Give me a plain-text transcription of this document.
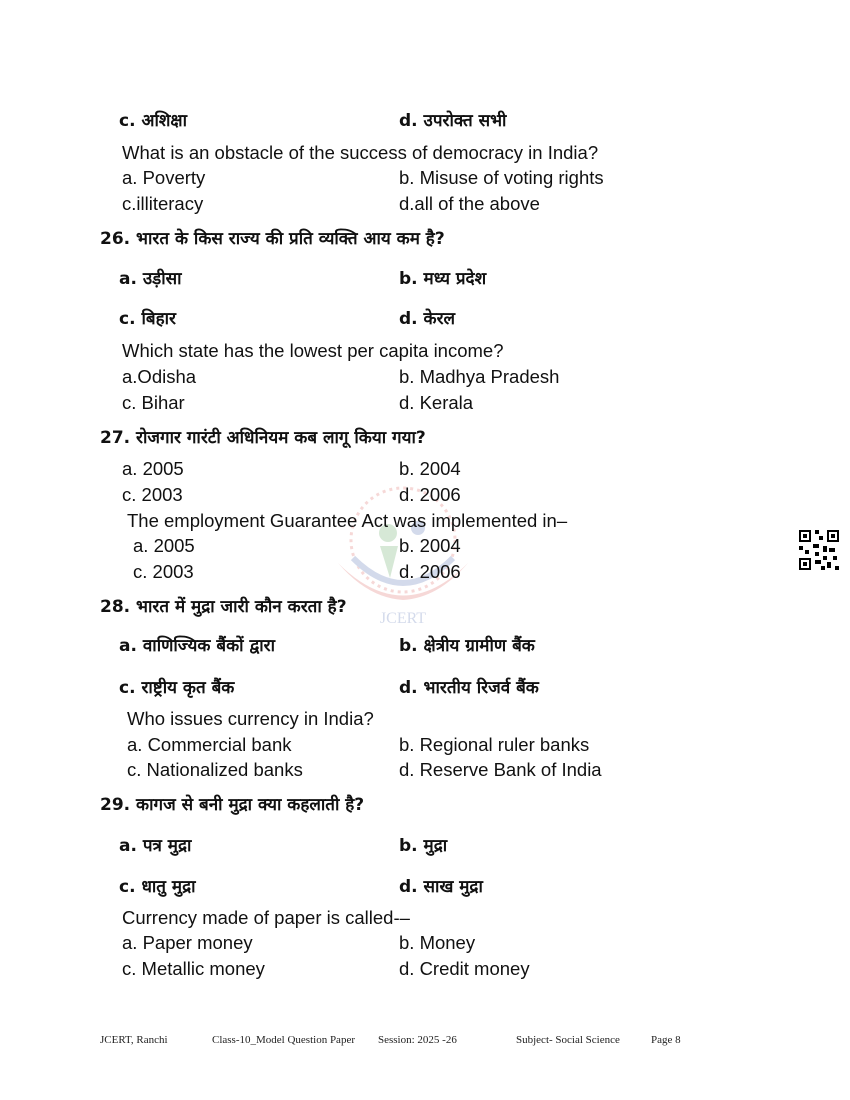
JCERT
c. अशिक्षा	d. उपरोक्त सभी
What is an obstacle of the success of democracy in India?
a. Poverty	b. Misuse of voting rights
c.illiteracy	d.all of the above
26. भारत के किस राज्य की प्रति व्यक्ति आय कम है?
a. उड़ीसा	b. मध्य प्रदेश
c. बिहार	d. केरल
Which state has the lowest per capita income?
a.Odisha	b. Madhya Pradesh
c. Bihar	d. Kerala
27. रोजगार गारंटी अधिनियम कब लागू किया गया?
a. 2005	b. 2004
c. 2003	d. 2006
The employment Guarantee Act was implemented in–
a. 2005	b. 2004
c. 2003	d. 2006
28. भारत में मुद्रा जारी कौन करता है?
a. वाणिज्यिक बैंकों द्वारा	b. क्षेत्रीय ग्रामीण बैंक
c. राष्ट्रीय कृत बैंक	d. भारतीय रिजर्व बैंक
Who issues currency in India?
a. Commercial bank	b. Regional ruler banks
c. Nationalized banks	d. Reserve Bank of India
29. कागज से बनी मुद्रा क्या कहलाती है?
a. पत्र मुद्रा	b. मुद्रा
c. धातु मुद्रा	d. साख मुद्रा
Currency made of paper is called-–
a. Paper money	b. Money
c. Metallic money	d. Credit money
JCERT, Ranchi	Class-10_Model Question Paper Session: 2025 -26	Subject- Social Science	Page 8
